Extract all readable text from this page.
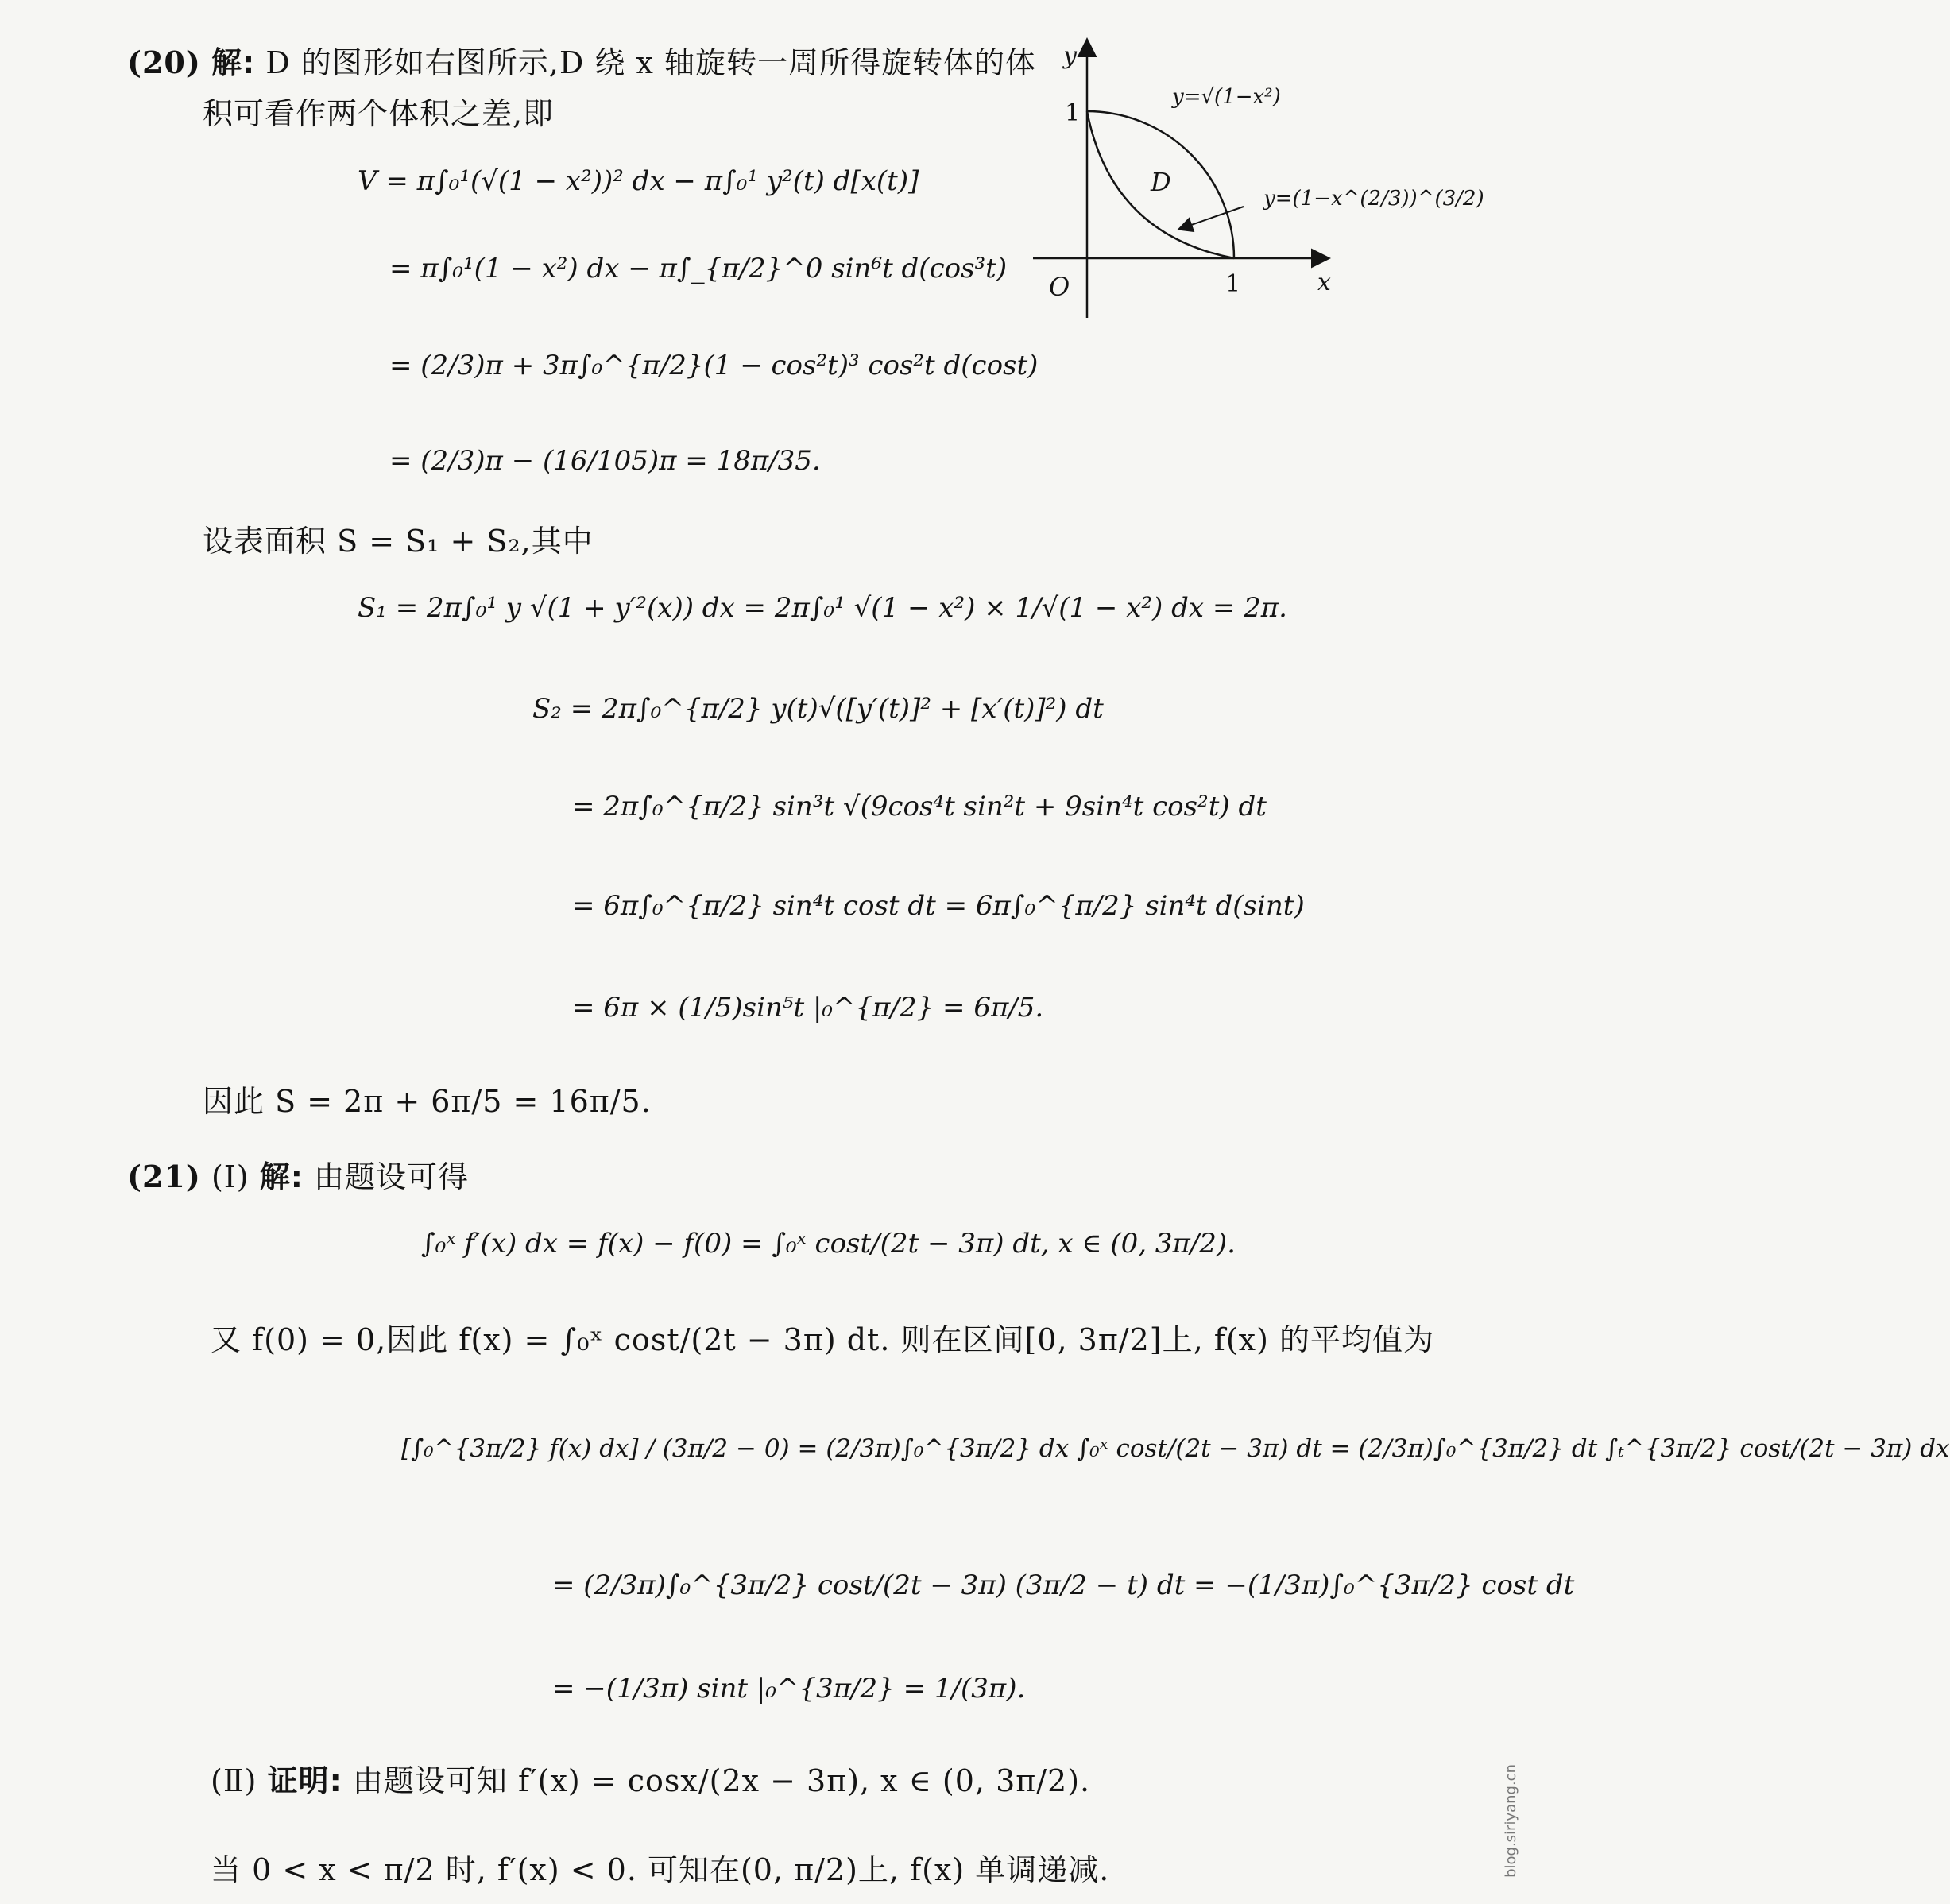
(20) 解: D 的图形如右图所示,D 绕 x 轴旋转一周所得旋转体的体
积可看作两个体积之差,即
V = π∫₀¹(√(1 − x²))² dx − π∫₀¹ y²(t) d[x(t)]
= π∫₀¹(1 − x²) dx − π∫_{π/2}^0 sin⁶t d(cos³t)
= (2/3)π + 3π∫₀^{π/2}(1 − cos²t)³ cos²t d(cost)
= (2/3)π − (16/105)π = 18π/35.
设表面积 S = S₁ + S₂,其中
S₁ = 2π∫₀¹ y √(1 + y′²(x)) dx = 2π∫₀¹ √(1 − x²) × 1/√(1 − x²) dx = 2π.
S₂ = 2π∫₀^{π/2} y(t)√([y′(t)]² + [x′(t)]²) dt
= 2π∫₀^{π/2} sin³t √(9cos⁴t sin²t + 9sin⁴t cos²t) dt
= 6π∫₀^{π/2} sin⁴t cost dt = 6π∫₀^{π/2} sin⁴t d(sint)
= 6π × (1/5)sin⁵t |₀^{π/2} = 6π/5.
因此 S = 2π + 6π/5 = 16π/5.
y
x
O	1
1
D
y=√(1−x²)
y=(1−x^(2/3))^(3/2)
(21) (Ⅰ) 解: 由题设可得
∫₀ˣ f′(x) dx = f(x) − f(0) = ∫₀ˣ cost/(2t − 3π) dt, x ∈ (0, 3π/2).
又 f(0) = 0,因此 f(x) = ∫₀ˣ cost/(2t − 3π) dt. 则在区间[0, 3π/2]上, f(x) 的平均值为
[∫₀^{3π/2} f(x) dx] / (3π/2 − 0) = (2/3π)∫₀^{3π/2} dx ∫₀ˣ cost/(2t − 3π) dt = (2/3π)∫₀^{3π/2} dt ∫ₜ^{3π/2} cost/(2t − 3π) dx
= (2/3π)∫₀^{3π/2} cost/(2t − 3π) (3π/2 − t) dt = −(1/3π)∫₀^{3π/2} cost dt
= −(1/3π) sint |₀^{3π/2} = 1/(3π).
(Ⅱ) 证明: 由题设可知 f′(x) = cosx/(2x − 3π), x ∈ (0, 3π/2).
当 0 < x < π/2 时, f′(x) < 0. 可知在(0, π/2)上, f(x) 单调递减.	blog.siriyang.cn
